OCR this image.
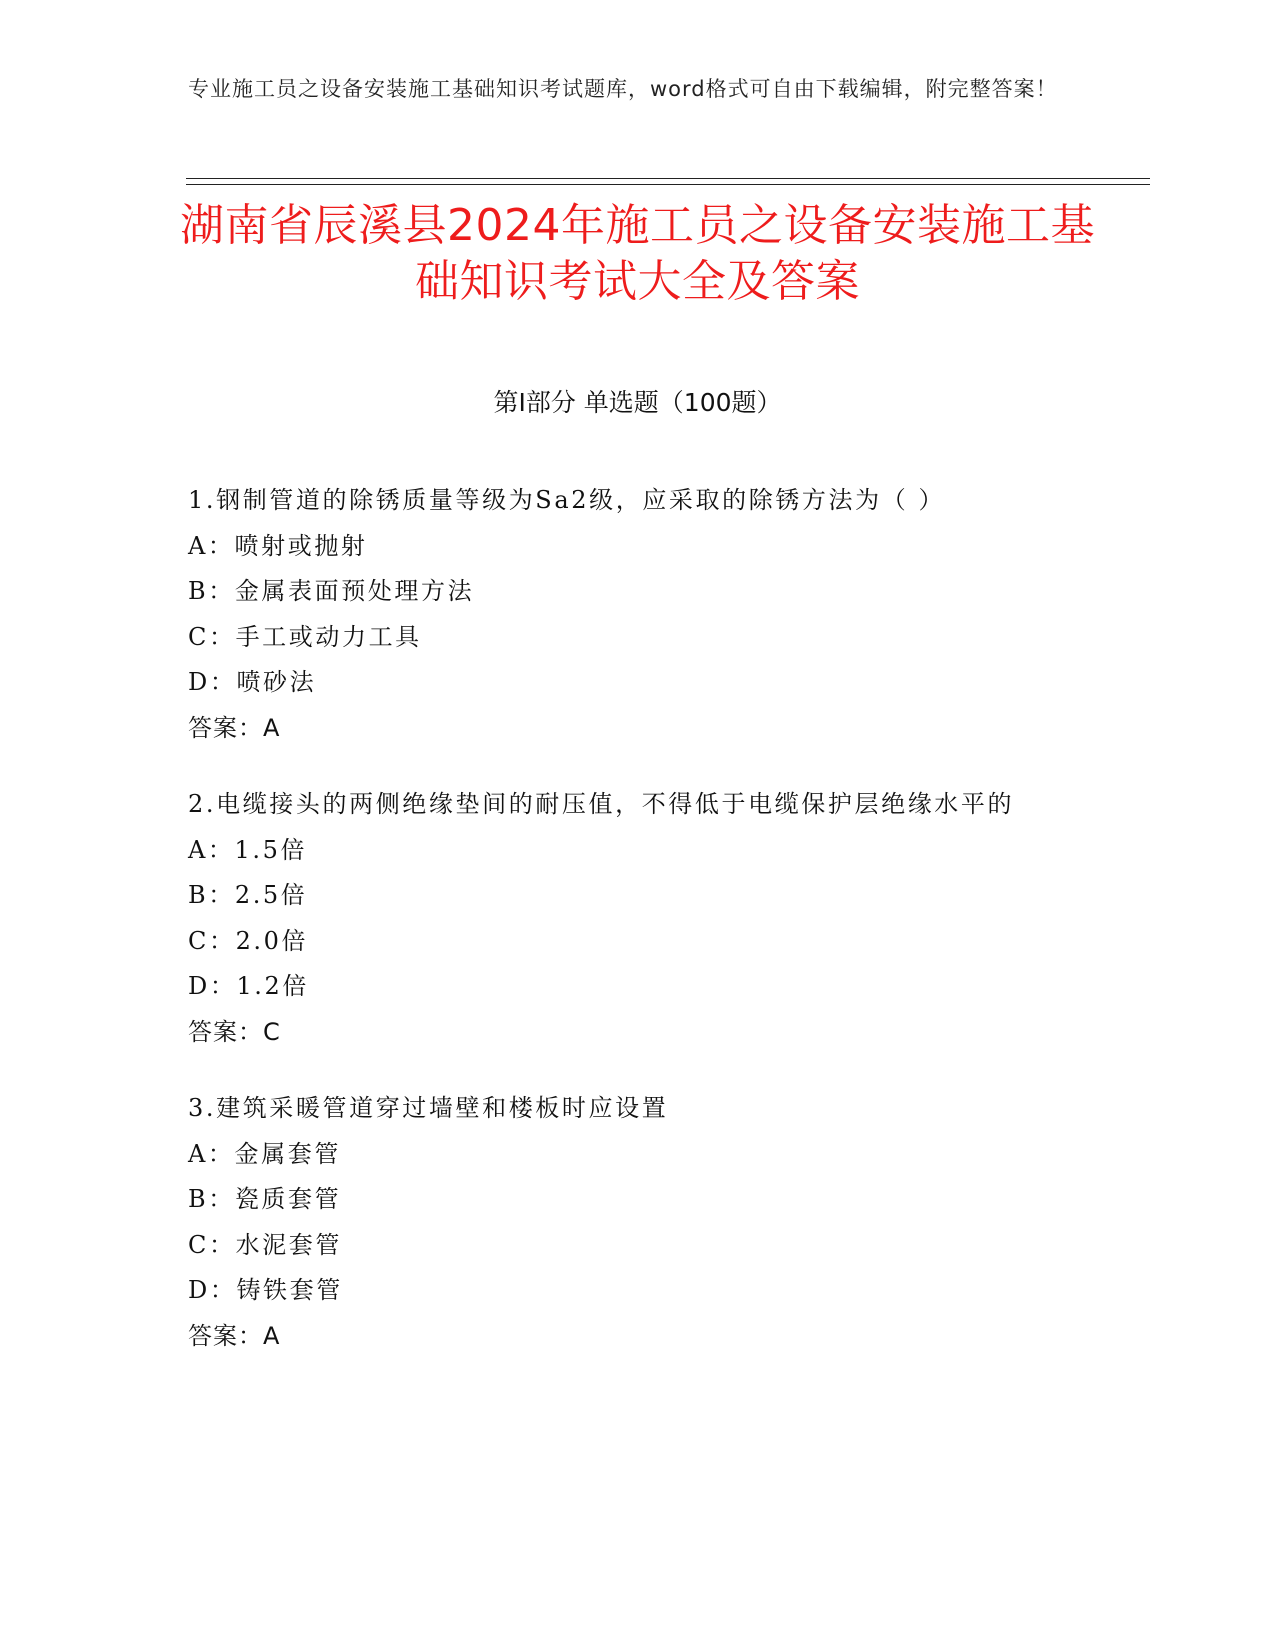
专业施工员之设备安装施工基础知识考试题库，word格式可自由下载编辑，附完整答案！
湖南省辰溪县2024年施工员之设备安装施工基础知识考试大全及答案
第Ⅰ部分 单选题（100题）
1.钢制管道的除锈质量等级为Sa2级，应采取的除锈方法为（ ）
A：喷射或抛射
B：金属表面预处理方法
C：手工或动力工具
D：喷砂法
答案：A
2.电缆接头的两侧绝缘垫间的耐压值，不得低于电缆保护层绝缘水平的
A：1.5倍
B：2.5倍
C：2.0倍
D：1.2倍
答案：C
3.建筑采暖管道穿过墙壁和楼板时应设置
A：金属套管
B：瓷质套管
C：水泥套管
D：铸铁套管
答案：A
